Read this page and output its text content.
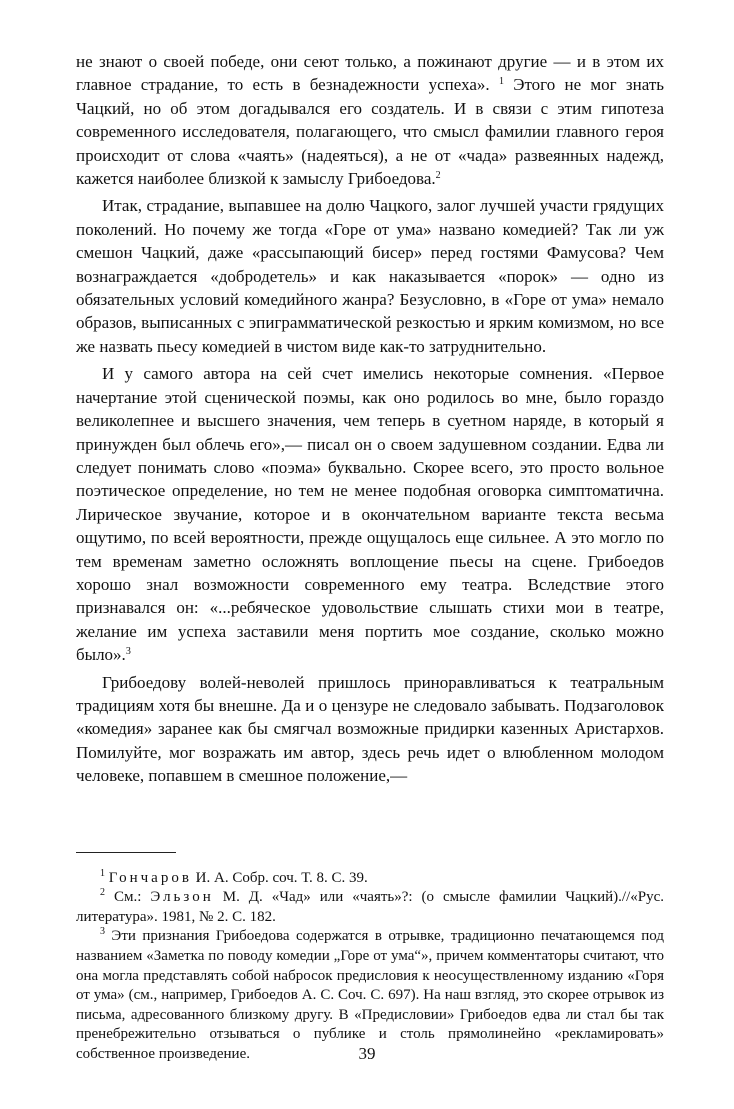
не знают о своей победе, они сеют только, а пожинают другие — и в этом их главное страдание, то есть в безнадежности успеха». $^1$ Этого не мог знать Чацкий, но об этом догадывался его создатель. И в связи с этим гипотеза современного исследователя, полагающего, что смысл фамилии главного героя происходит от слова «чаять» (надеяться), а не от «чада» развеянных надежд, кажется наиболее близкой к замыслу Грибоедова.$^2$

Итак, страдание, выпавшее на долю Чацкого, залог лучшей участи грядущих поколений. Но почему же тогда «Горе от ума» названо комедией? Так ли уж смешон Чацкий, даже «рассыпающий бисер» перед гостями Фамусова? Чем вознаграждается «добродетель» и как наказывается «порок» — одно из обязательных условий комедийного жанра? Безусловно, в «Горе от ума» немало образов, выписанных с эпиграмматической резкостью и ярким комизмом, но все же назвать пьесу комедией в чистом виде как-то затруднительно.

И у самого автора на сей счет имелись некоторые сомнения. «Первое начертание этой сценической поэмы, как оно родилось во мне, было гораздо великолепнее и высшего значения, чем теперь в суетном наряде, в который я принужден был облечь его»,— писал он о своем задушевном создании. Едва ли следует понимать слово «поэма» буквально. Скорее всего, это просто вольное поэтическое определение, но тем не менее подобная оговорка симптоматична. Лирическое звучание, которое и в окончательном варианте текста весьма ощутимо, по всей вероятности, прежде ощущалось еще сильнее. А это могло по тем временам заметно осложнять воплощение пьесы на сцене. Грибоедов хорошо знал возможности современного ему театра. Вследствие этого признавался он: «...ребяческое удовольствие слышать стихи мои в театре, желание им успеха заставили меня портить мое создание, сколько можно было».$^3$

Грибоедову волей-неволей пришлось приноравливаться к театральным традициям хотя бы внешне. Да и о цензуре не следовало забывать. Подзаголовок «комедия» заранее как бы смягчал возможные придирки казенных Аристархов. Помилуйте, мог возражать им автор, здесь речь идет о влюбленном молодом человеке, попавшем в смешное положение,—

$^1$ Гончаров И. А. Собр. соч. Т. 8. С. 39.

$^2$ См.: Эльзон М. Д. «Чад» или «чаять»?: (о смысле фамилии Чацкий).//«Рус. литература». 1981, № 2. С. 182.

$^3$ Эти признания Грибоедова содержатся в отрывке, традиционно печатающемся под названием «Заметка по поводу комедии „Горе от ума“», причем комментаторы считают, что она могла представлять собой набросок предисловия к неосуществленному изданию «Горя от ума» (см., например, Грибоедов А. С. Соч. С. 697). На наш взгляд, это скорее отрывок из письма, адресованного близкому другу. В «Предисловии» Грибоедов едва ли стал бы так пренебрежительно отзываться о публике и столь прямолинейно «рекламировать» собственное произведение.	39
